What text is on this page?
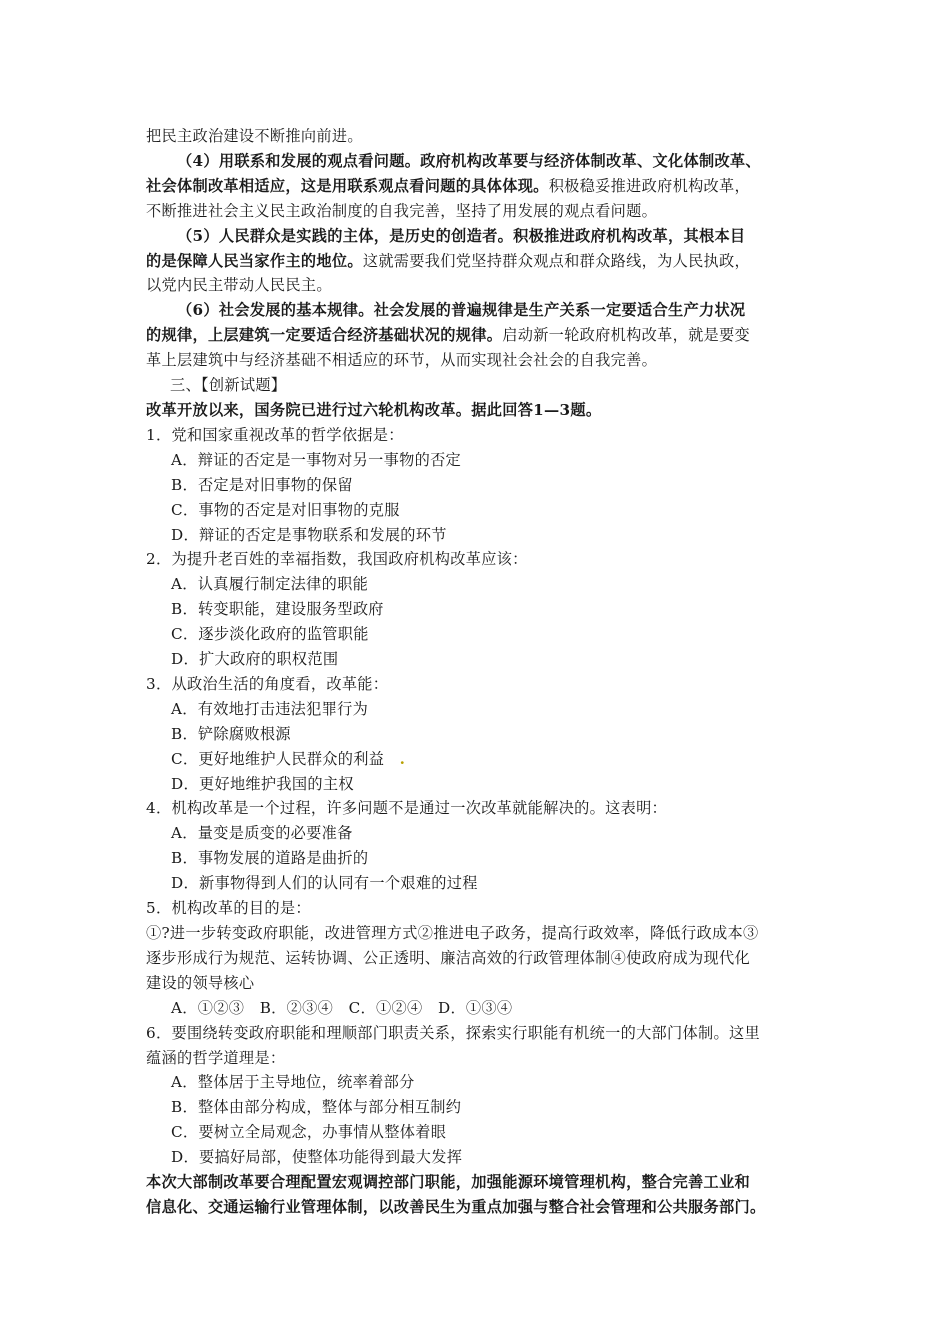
把民主政治建设不断推向前进。
（4）用联系和发展的观点看问题。政府机构改革要与经济体制改革、文化体制改革、
社会体制改革相适应，这是用联系观点看问题的具体体现。积极稳妥推进政府机构改革，
不断推进社会主义民主政治制度的自我完善，坚持了用发展的观点看问题。
（5）人民群众是实践的主体，是历史的创造者。积极推进政府机构改革，其根本目
的是保障人民当家作主的地位。这就需要我们党坚持群众观点和群众路线，为人民执政，
以党内民主带动人民民主。
（6）社会发展的基本规律。社会发展的普遍规律是生产关系一定要适合生产力状况
的规律，上层建筑一定要适合经济基础状况的规律。启动新一轮政府机构改革，就是要变
革上层建筑中与经济基础不相适应的环节，从而实现社会社会的自我完善。
三、【创新试题】
改革开放以来，国务院已进行过六轮机构改革。据此回答1—3题。
1．党和国家重视改革的哲学依据是：
A．辩证的否定是一事物对另一事物的否定
B．否定是对旧事物的保留
C．事物的否定是对旧事物的克服
D．辩证的否定是事物联系和发展的环节
2．为提升老百姓的幸福指数，我国政府机构改革应该：
A．认真履行制定法律的职能
B．转变职能，建设服务型政府
C．逐步淡化政府的监管职能
D．扩大政府的职权范围
3．从政治生活的角度看，改革能：
A．有效地打击违法犯罪行为
B．铲除腐败根源
C．更好地维护人民群众的利益 .
D．更好地维护我国的主权
4．机构改革是一个过程，许多问题不是通过一次改革就能解决的。这表明：
A．量变是质变的必要准备
B．事物发展的道路是曲折的
D．新事物得到人们的认同有一个艰难的过程
5．机构改革的目的是：
①?进一步转变政府职能，改进管理方式②推进电子政务，提高行政效率，降低行政成本③
逐步形成行为规范、运转协调、公正透明、廉洁高效的行政管理体制④使政府成为现代化
建设的领导核心
A．①②③　B．②③④　C．①②④　D．①③④
6．要围绕转变政府职能和理顺部门职责关系，探索实行职能有机统一的大部门体制。这里
蕴涵的哲学道理是：
A．整体居于主导地位，统率着部分
B．整体由部分构成，整体与部分相互制约
C．要树立全局观念，办事情从整体着眼
D．要搞好局部，使整体功能得到最大发挥
本次大部制改革要合理配置宏观调控部门职能，加强能源环境管理机构，整合完善工业和
信息化、交通运输行业管理体制，以改善民生为重点加强与整合社会管理和公共服务部门。
